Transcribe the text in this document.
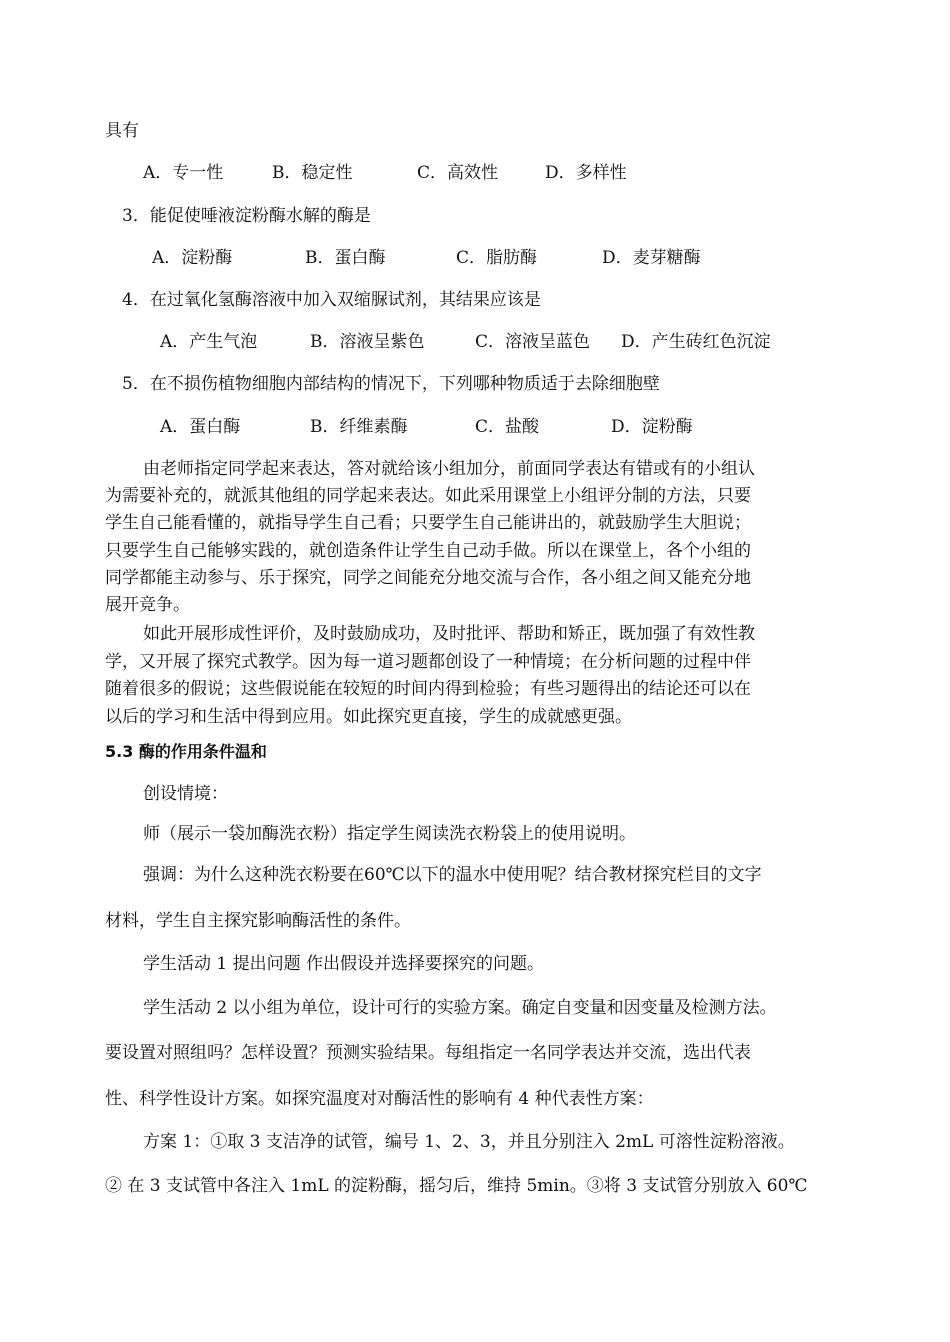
具有
A．专一性	B．稳定性	C．高效性	D．多样性
3．能促使唾液淀粉酶水解的酶是
A．淀粉酶	B．蛋白酶	C．脂肪酶	D．麦芽糖酶
4．在过氧化氢酶溶液中加入双缩脲试剂，其结果应该是
A．产生气泡	B．溶液呈紫色	C．溶液呈蓝色 D．产生砖红色沉淀
5．在不损伤植物细胞内部结构的情况下，下列哪种物质适于去除细胞壁
A．蛋白酶	B．纤维素酶	C．盐酸	D．淀粉酶
由老师指定同学起来表达，答对就给该小组加分，前面同学表达有错或有的小组认
为需要补充的，就派其他组的同学起来表达。如此采用课堂上小组评分制的方法，只要
学生自己能看懂的，就指导学生自己看；只要学生自己能讲出的，就鼓励学生大胆说；
只要学生自己能够实践的，就创造条件让学生自己动手做。所以在课堂上，各个小组的
同学都能主动参与、乐于探究，同学之间能充分地交流与合作，各小组之间又能充分地
展开竞争。
如此开展形成性评价，及时鼓励成功，及时批评、帮助和矫正，既加强了有效性教
学，又开展了探究式教学。因为每一道习题都创设了一种情境；在分析问题的过程中伴
随着很多的假说；这些假说能在较短的时间内得到检验；有些习题得出的结论还可以在
以后的学习和生活中得到应用。如此探究更直接，学生的成就感更强。
5.3 酶的作用条件温和
创设情境：
师（展示一袋加酶洗衣粉）指定学生阅读洗衣粉袋上的使用说明。
强调：为什么这种洗衣粉要在60℃以下的温水中使用呢？结合教材探究栏目的文字
材料，学生自主探究影响酶活性的条件。
学生活动 1 提出问题 作出假设并选择要探究的问题。
学生活动 2 以小组为单位，设计可行的实验方案。确定自变量和因变量及检测方法。
要设置对照组吗？怎样设置？预测实验结果。每组指定一名同学表达并交流，选出代表
性、科学性设计方案。如探究温度对对酶活性的影响有 4 种代表性方案：
方案 1：①取 3 支洁净的试管，编号 1、2、3，并且分别注入 2mL 可溶性淀粉溶液。
② 在 3 支试管中各注入 1mL 的淀粉酶，摇匀后，维持 5min。③将 3 支试管分别放入 60℃
